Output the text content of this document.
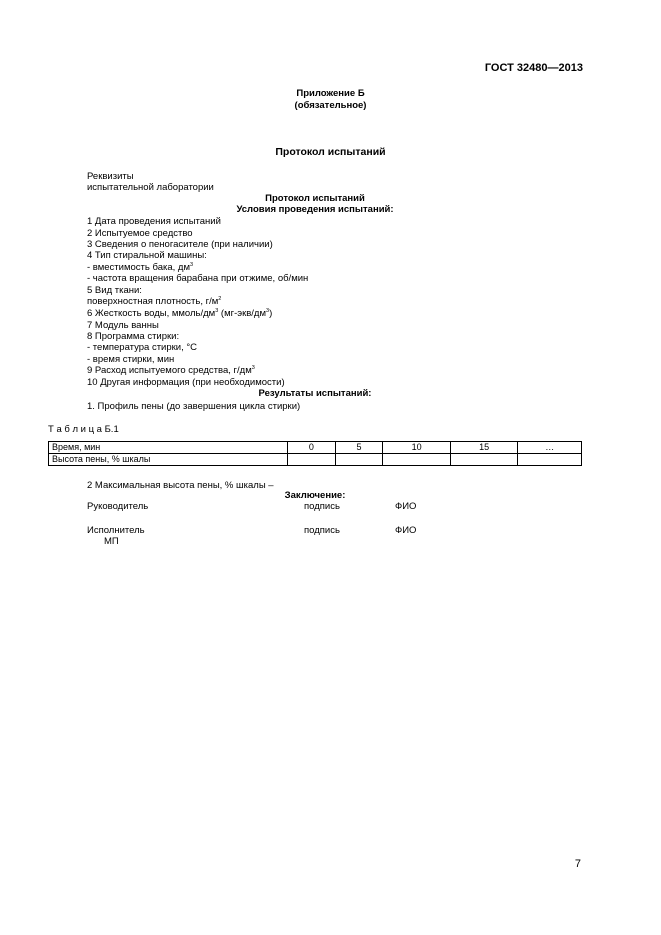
ГОСТ 32480—2013
Приложение Б
(обязательное)
Протокол испытаний
Реквизиты
испытательной лаборатории
Протокол испытаний
Условия проведения испытаний:
1 Дата проведения испытаний
2 Испытуемое средство
3 Сведения о пеногасителе (при наличии)
4 Тип стиральной машины:
- вместимость бака, $дм^3$
- частота вращения барабана при отжиме, об/мин
5 Вид ткани:
поверхностная плотность, $г/м^2$
6 Жесткость воды, ммоль/$дм^3$ $(мг-экв/дм^3)$
7 Модуль ванны
8 Программа стирки:
- температура стирки, °С
- время стирки, мин
9 Расход испытуемого средства, $г/дм^3$
10 Другая информация (при необходимости)
Результаты испытаний:
1. Профиль пены (до завершения цикла стирки)
Т а б л и ц а Б.1
Время, мин	0	5	10	15	…
Высота пены, % шкалы					
2 Максимальная высота пены, % шкалы –
Заключение:
Руководитель	подпись	ФИО
Исполнитель	подпись	ФИО
МП
7
